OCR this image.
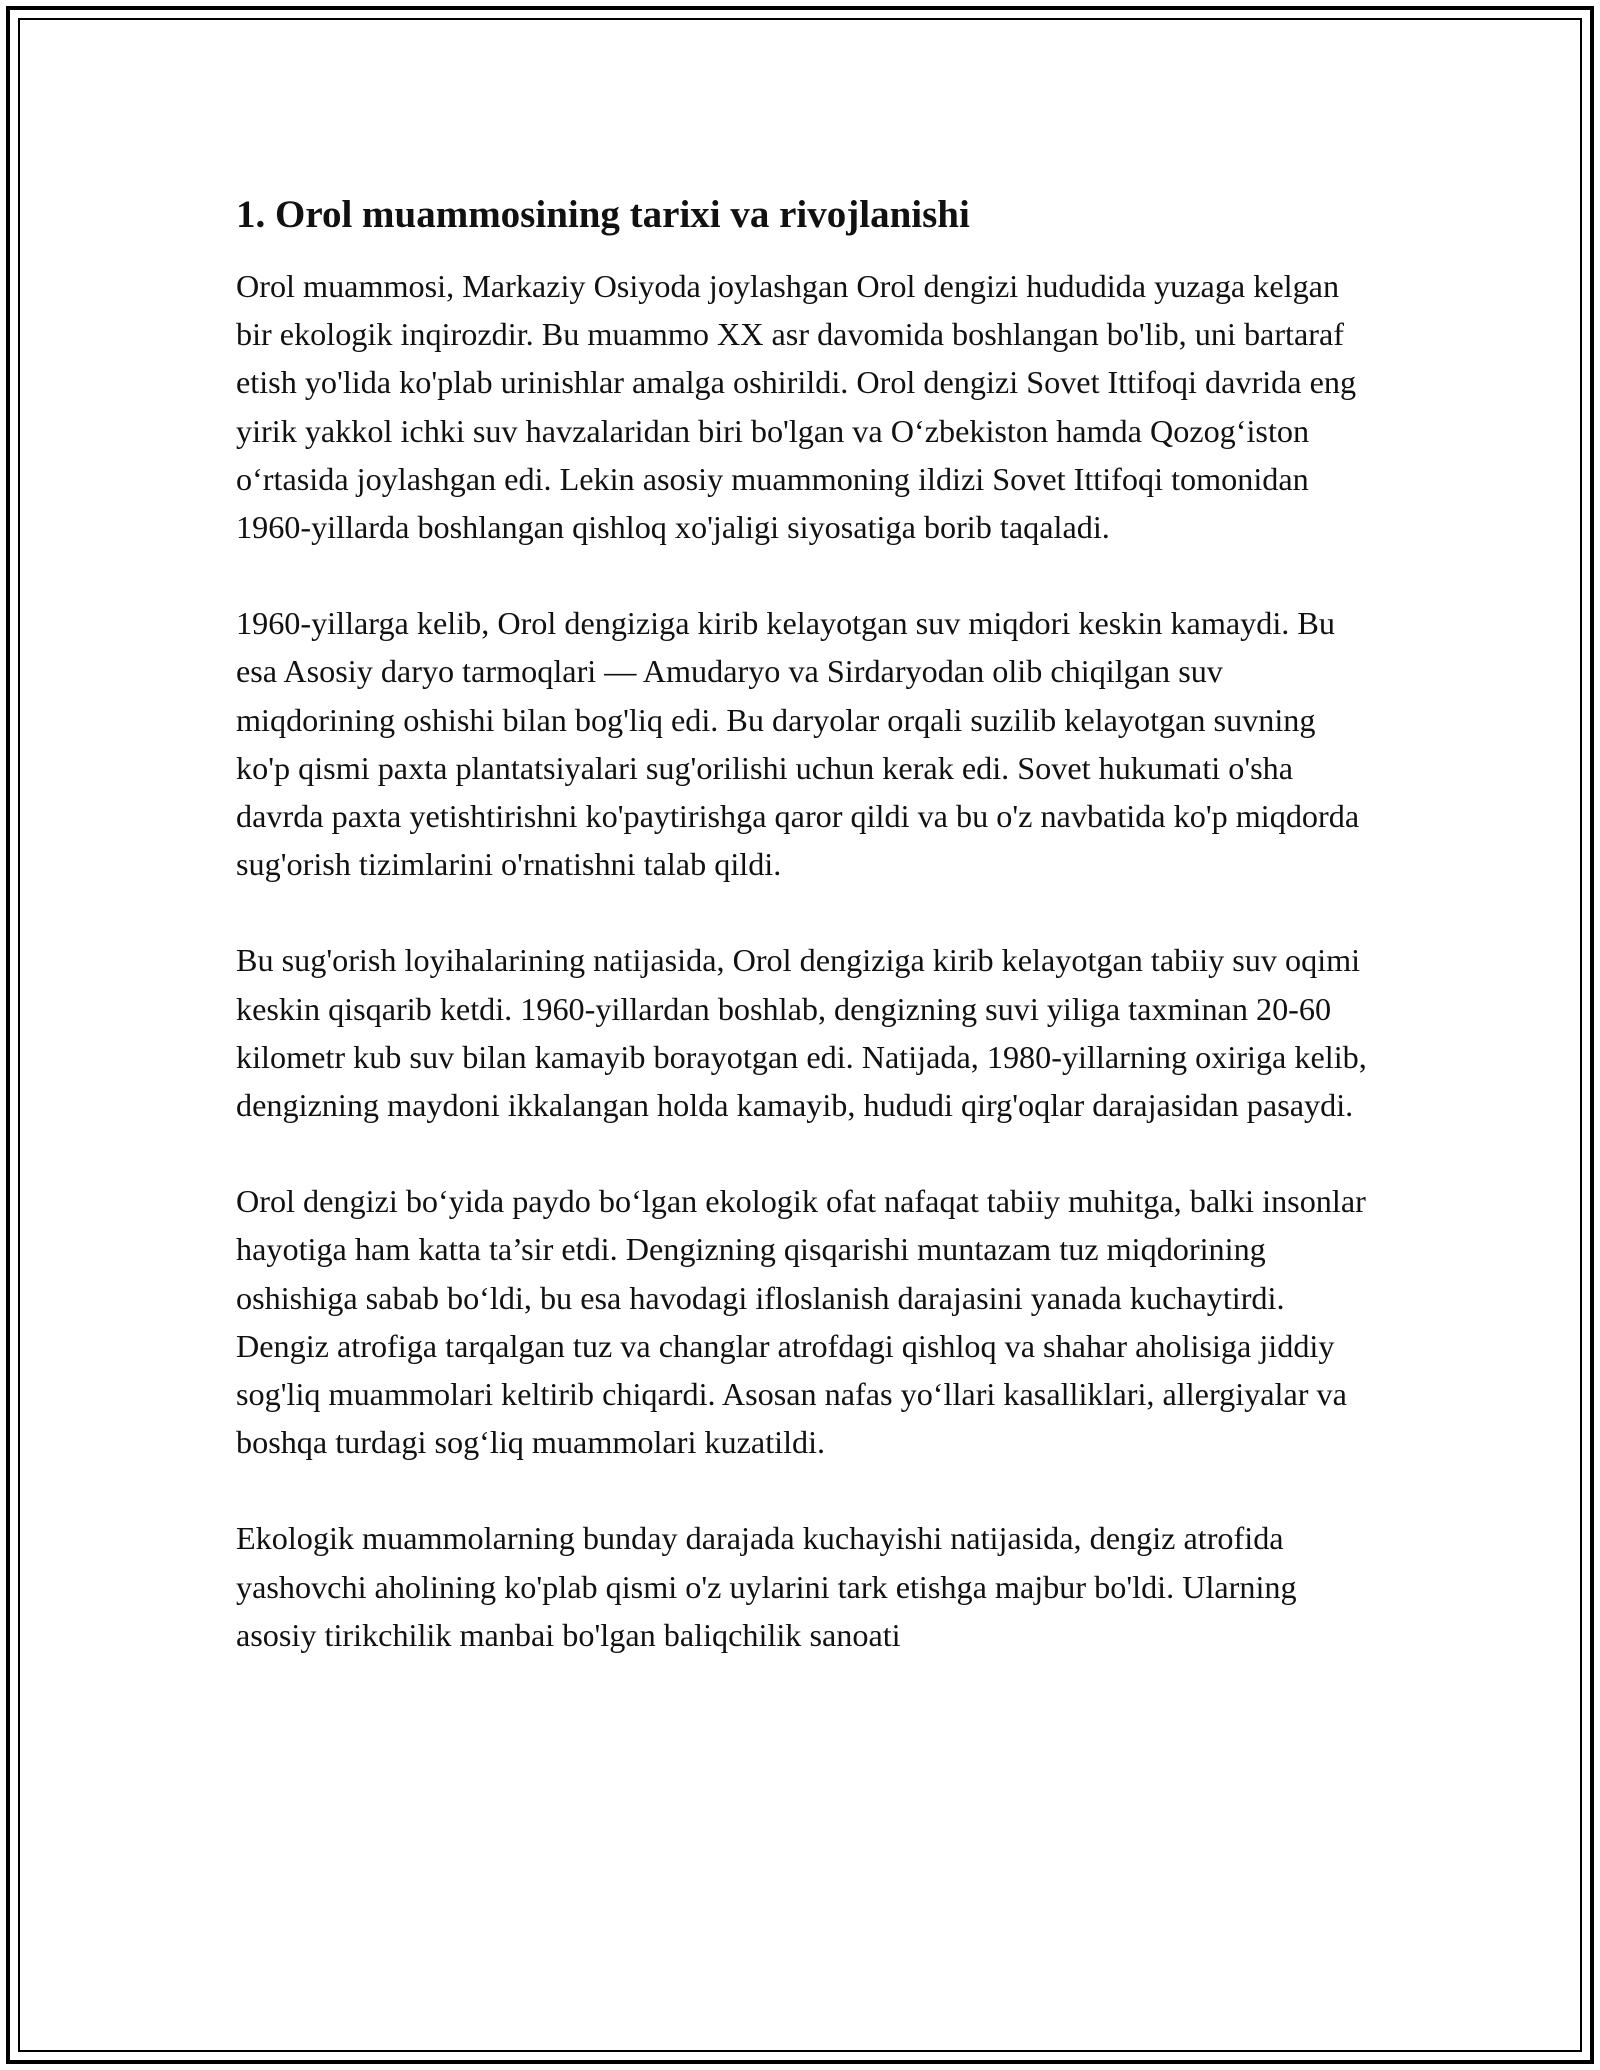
1. Orol muammosining tarixi va rivojlanishi

Orol muammosi, Markaziy Osiyoda joylashgan Orol dengizi hududida yuzaga kelgan bir ekologik inqirozdir. Bu muammo XX asr davomida boshlangan bo'lib, uni bartaraf etish yo'lida ko'plab urinishlar amalga oshirildi. Orol dengizi Sovet Ittifoqi davrida eng yirik yakkol ichki suv havzalaridan biri bo'lgan va O‘zbekiston hamda Qozog‘iston o‘rtasida joylashgan edi. Lekin asosiy muammoning ildizi Sovet Ittifoqi tomonidan 1960-yillarda boshlangan qishloq xo'jaligi siyosatiga borib taqaladi.

1960-yillarga kelib, Orol dengiziga kirib kelayotgan suv miqdori keskin kamaydi. Bu esa Asosiy daryo tarmoqlari — Amudaryo va Sirdaryodan olib chiqilgan suv miqdorining oshishi bilan bog'liq edi. Bu daryolar orqali suzilib kelayotgan suvning ko'p qismi paxta plantatsiyalari sug'orilishi uchun kerak edi. Sovet hukumati o'sha davrda paxta yetishtirishni ko'paytirishga qaror qildi va bu o'z navbatida ko'p miqdorda sug'orish tizimlarini o'rnatishni talab qildi.

Bu sug'orish loyihalarining natijasida, Orol dengiziga kirib kelayotgan tabiiy suv oqimi keskin qisqarib ketdi. 1960-yillardan boshlab, dengizning suvi yiliga taxminan 20-60 kilometr kub suv bilan kamayib borayotgan edi. Natijada, 1980-yillarning oxiriga kelib, dengizning maydoni ikkalangan holda kamayib, hududi qirg'oqlar darajasidan pasaydi.

Orol dengizi bo‘yida paydo bo‘lgan ekologik ofat nafaqat tabiiy muhitga, balki insonlar hayotiga ham katta ta’sir etdi. Dengizning qisqarishi muntazam tuz miqdorining oshishiga sabab bo‘ldi, bu esa havodagi ifloslanish darajasini yanada kuchaytirdi. Dengiz atrofiga tarqalgan tuz va changlar atrofdagi qishloq va shahar aholisiga jiddiy sog'liq muammolari keltirib chiqardi. Asosan nafas yo‘llari kasalliklari, allergiyalar va boshqa turdagi sog‘liq muammolari kuzatildi.

Ekologik muammolarning bunday darajada kuchayishi natijasida, dengiz atrofida yashovchi aholining ko'plab qismi o'z uylarini tark etishga majbur bo'ldi. Ularning asosiy tirikchilik manbai bo'lgan baliqchilik sanoati
